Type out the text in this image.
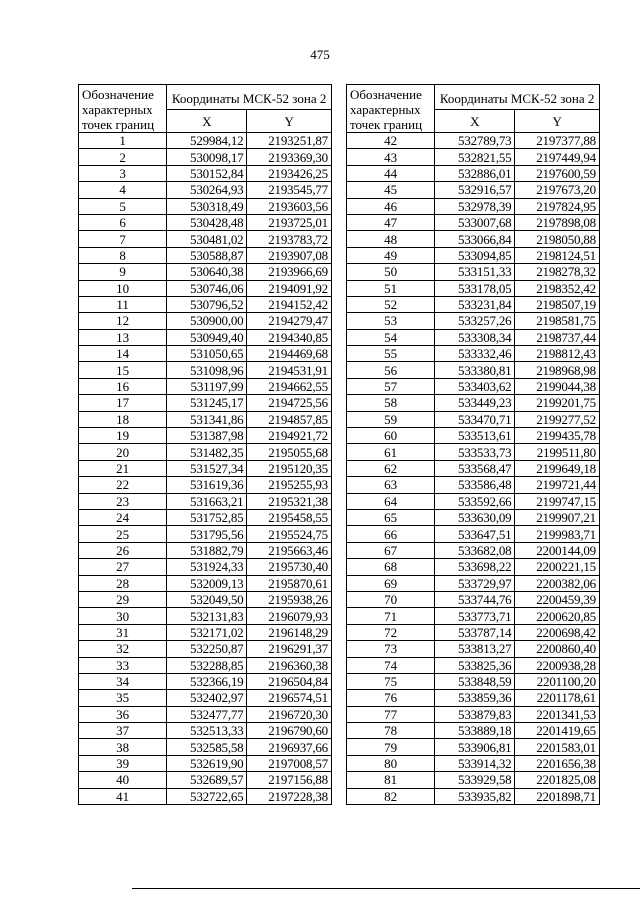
475
Обозначение характерных точек границ	Координаты МСК-52 зона 2	
	X	Y
1	529984,12	2193251,87
2	530098,17	2193369,30
3	530152,84	2193426,25
4	530264,93	2193545,77
5	530318,49	2193603,56
6	530428,48	2193725,01
7	530481,02	2193783,72
8	530588,87	2193907,08
9	530640,38	2193966,69
10	530746,06	2194091,92
11	530796,52	2194152,42
12	530900,00	2194279,47
13	530949,40	2194340,85
14	531050,65	2194469,68
15	531098,96	2194531,91
16	531197,99	2194662,55
17	531245,17	2194725,56
18	531341,86	2194857,85
19	531387,98	2194921,72
20	531482,35	2195055,68
21	531527,34	2195120,35
22	531619,36	2195255,93
23	531663,21	2195321,38
24	531752,85	2195458,55
25	531795,56	2195524,75
26	531882,79	2195663,46
27	531924,33	2195730,40
28	532009,13	2195870,61
29	532049,50	2195938,26
30	532131,83	2196079,93
31	532171,02	2196148,29
32	532250,87	2196291,37
33	532288,85	2196360,38
34	532366,19	2196504,84
35	532402,97	2196574,51
36	532477,77	2196720,30
37	532513,33	2196790,60
38	532585,58	2196937,66
39	532619,90	2197008,57
40	532689,57	2197156,88
41	532722,65	2197228,38
Обозначение характерных точек границ	Координаты МСК-52 зона 2	
	X	Y
42	532789,73	2197377,88
43	532821,55	2197449,94
44	532886,01	2197600,59
45	532916,57	2197673,20
46	532978,39	2197824,95
47	533007,68	2197898,08
48	533066,84	2198050,88
49	533094,85	2198124,51
50	533151,33	2198278,32
51	533178,05	2198352,42
52	533231,84	2198507,19
53	533257,26	2198581,75
54	533308,34	2198737,44
55	533332,46	2198812,43
56	533380,81	2198968,98
57	533403,62	2199044,38
58	533449,23	2199201,75
59	533470,71	2199277,52
60	533513,61	2199435,78
61	533533,73	2199511,80
62	533568,47	2199649,18
63	533586,48	2199721,44
64	533592,66	2199747,15
65	533630,09	2199907,21
66	533647,51	2199983,71
67	533682,08	2200144,09
68	533698,22	2200221,15
69	533729,97	2200382,06
70	533744,76	2200459,39
71	533773,71	2200620,85
72	533787,14	2200698,42
73	533813,27	2200860,40
74	533825,36	2200938,28
75	533848,59	2201100,20
76	533859,36	2201178,61
77	533879,83	2201341,53
78	533889,18	2201419,65
79	533906,81	2201583,01
80	533914,32	2201656,38
81	533929,58	2201825,08
82	533935,82	2201898,71
